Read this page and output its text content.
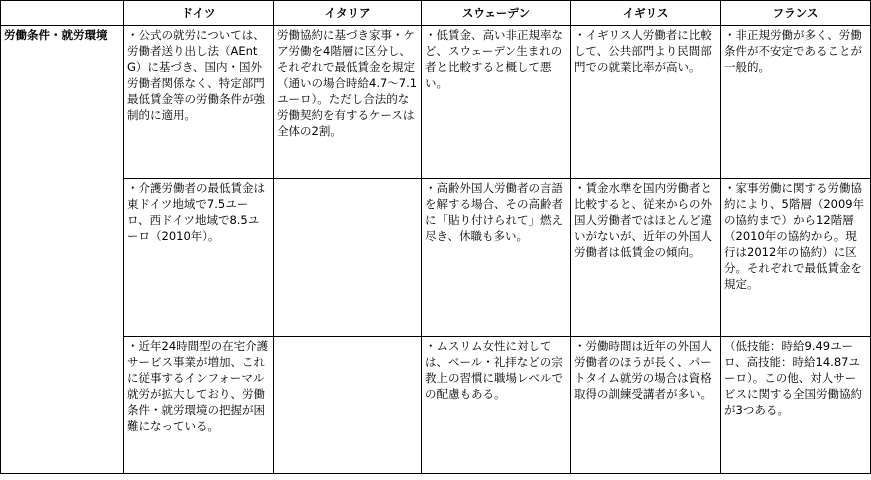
	ドイツ	イタリア	スウェーデン	イギリス	フランス
労働条件・就労環境	・公式の就労については、労働者送り出し法（AEntG）に基づき、国内・国外労働者関係なく、特定部門最低賃金等の労働条件が強制的に適用。	労働協約に基づき家事・ケア労働を4階層に区分し、それぞれで最低賃金を規定（通いの場合時給4.7〜7.1ユーロ）。ただし合法的な労働契約を有するケースは全体の2割。	・低賃金、高い非正規率など、スウェーデン生まれの者と比較すると概して悪い。	・イギリス人労働者に比較して、公共部門より民間部門での就業比率が高い。	・非正規労働が多く、労働条件が不安定であることが一般的。
	・介護労働者の最低賃金は東ドイツ地域で7.5ユーロ、西ドイツ地域で8.5ユーロ（2010年）。		・高齢外国人労働者の言語を解する場合、その高齢者に「貼り付けられて」燃え尽き、休職も多い。	・賃金水準を国内労働者と比較すると、従来からの外国人労働者ではほとんど違いがないが、近年の外国人労働者は低賃金の傾向。	・家事労働に関する労働協約により、5階層（2009年の協約まで）から12階層（2010年の協約から。現行は2012年の協約）に区分。それぞれで最低賃金を規定。
	・近年24時間型の在宅介護サービス事業が増加、これに従事するインフォーマル就労が拡大しており、労働条件・就労環境の把握が困難になっている。		・ムスリム女性に対しては、ベール・礼拝などの宗教上の習慣に職場レベルでの配慮もある。	・労働時間は近年の外国人労働者のほうが長く、パートタイム就労の場合は資格取得の訓練受講者が多い。	（低技能：時給9.49ユーロ、高技能：時給14.87ユーロ）。この他、対人サービスに関する全国労働協約が3つある。
